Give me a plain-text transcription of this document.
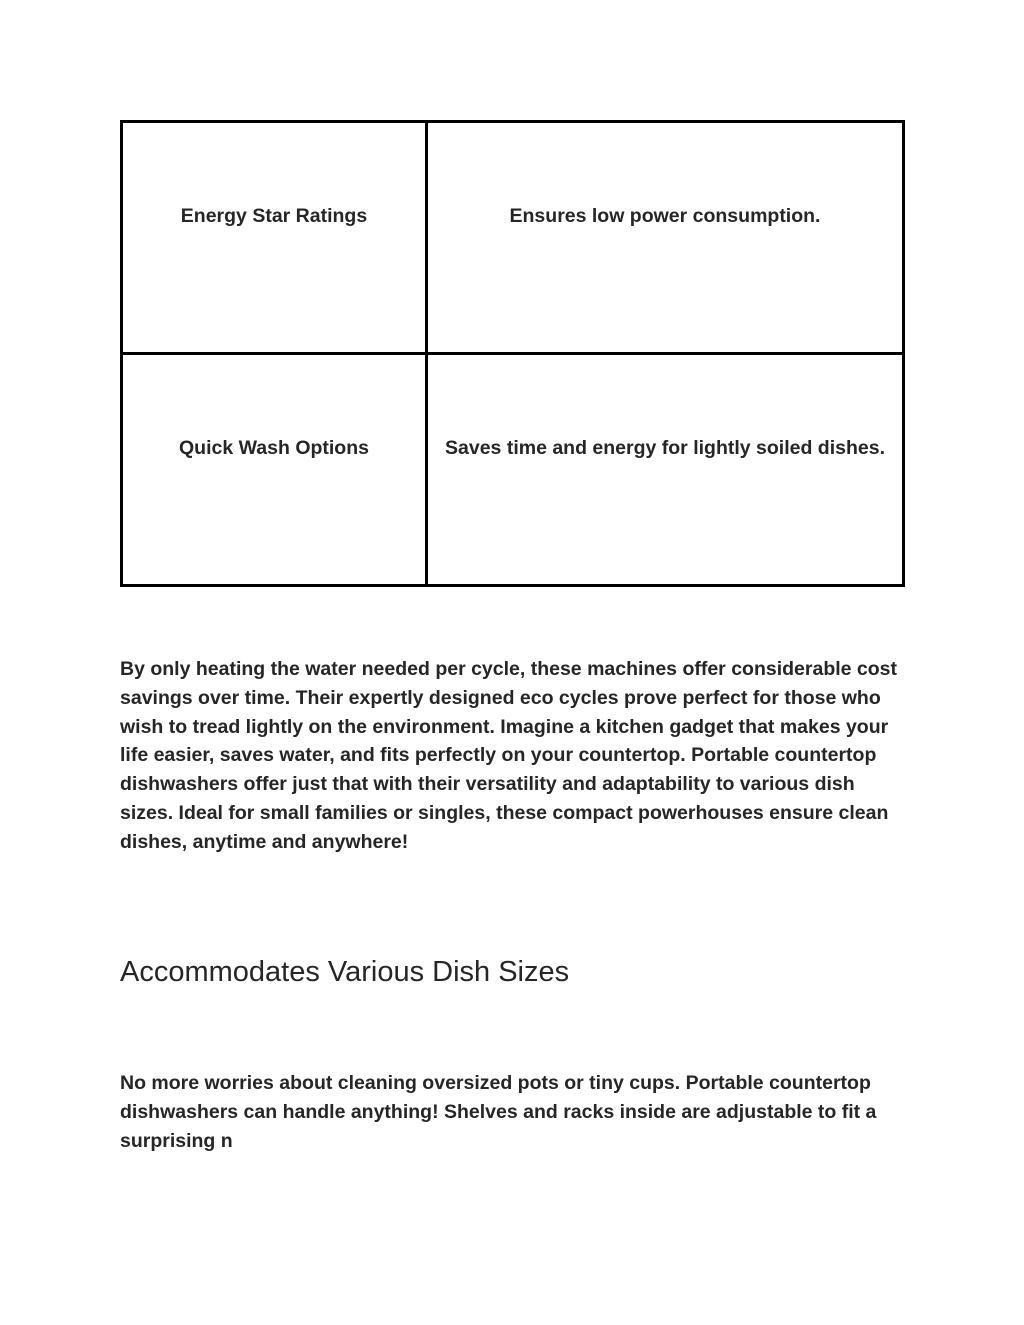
Energy Star Ratings	Ensures low power consumption.
Quick Wash Options	Saves time and energy for lightly soiled dishes.

By only heating the water needed per cycle, these machines offer considerable cost savings over time. Their expertly designed eco cycles prove perfect for those who wish to tread lightly on the environment. Imagine a kitchen gadget that makes your life easier, saves water, and fits perfectly on your countertop. Portable countertop dishwashers offer just that with their versatility and adaptability to various dish sizes. Ideal for small families or singles, these compact powerhouses ensure clean dishes, anytime and anywhere!

Accommodates Various Dish Sizes

No more worries about cleaning oversized pots or tiny cups. Portable countertop dishwashers can handle anything! Shelves and racks inside are adjustable to fit a surprising n
